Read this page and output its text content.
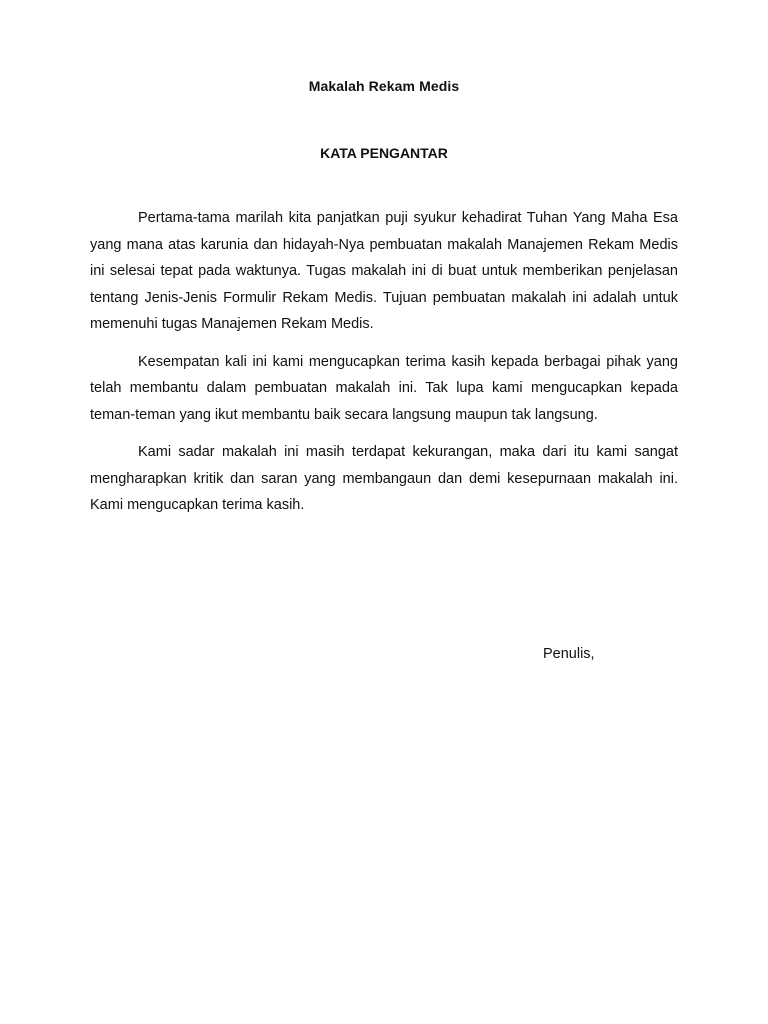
Makalah Rekam Medis
KATA PENGANTAR

Pertama-tama marilah kita panjatkan puji syukur kehadirat Tuhan Yang Maha Esa yang mana atas karunia dan hidayah-Nya pembuatan makalah Manajemen Rekam Medis ini selesai tepat pada waktunya. Tugas makalah ini di buat untuk memberikan penjelasan tentang Jenis-Jenis Formulir Rekam Medis. Tujuan pembuatan makalah ini adalah untuk memenuhi tugas Manajemen Rekam Medis.

Kesempatan kali ini kami mengucapkan terima kasih kepada berbagai pihak yang telah membantu dalam pembuatan makalah ini. Tak lupa kami mengucapkan kepada teman-teman yang ikut membantu baik secara langsung maupun tak langsung.

Kami sadar makalah ini masih terdapat kekurangan, maka dari itu kami sangat mengharapkan kritik dan saran yang membangaun dan demi kesepurnaan makalah ini. Kami mengucapkan terima kasih.

Penulis,
